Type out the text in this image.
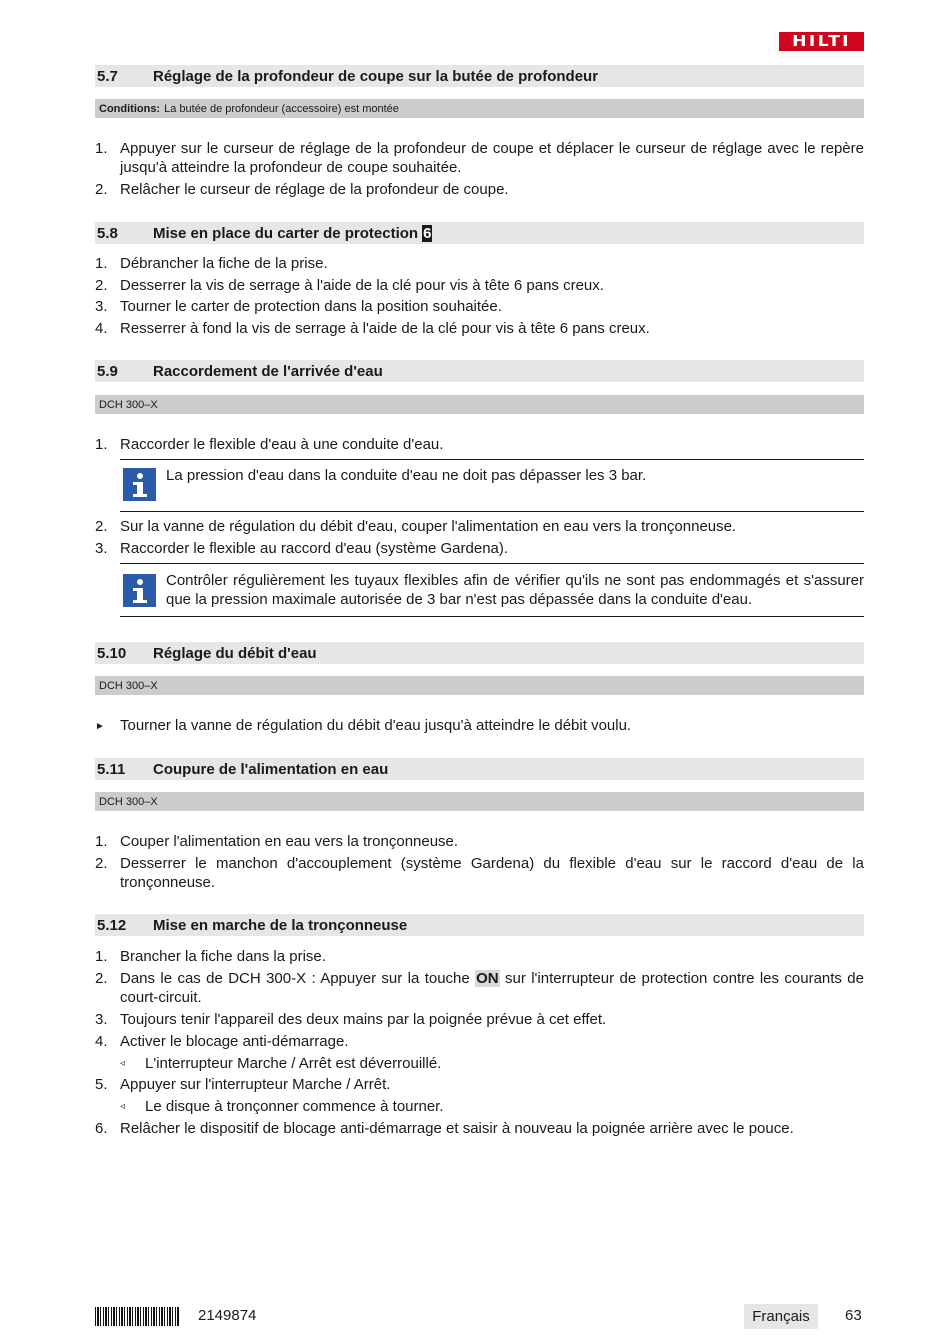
HILTI
5.7	Réglage de la profondeur de coupe sur la butée de profondeur
Conditions: La butée de profondeur (accessoire) est montée
1. Appuyer sur le curseur de réglage de la profondeur de coupe et déplacer le curseur de réglage avec le repère jusqu'à atteindre la profondeur de coupe souhaitée.
2. Relâcher le curseur de réglage de la profondeur de coupe.
5.8	Mise en place du carter de protection 6
1. Débrancher la fiche de la prise.
2. Desserrer la vis de serrage à l'aide de la clé pour vis à tête 6 pans creux.
3. Tourner le carter de protection dans la position souhaitée.
4. Resserrer à fond la vis de serrage à l'aide de la clé pour vis à tête 6 pans creux.
5.9	Raccordement de l'arrivée d'eau
DCH 300–X
1. Raccorder le flexible d'eau à une conduite d'eau.
La pression d'eau dans la conduite d'eau ne doit pas dépasser les 3 bar.
2. Sur la vanne de régulation du débit d'eau, couper l'alimentation en eau vers la tronçonneuse.
3. Raccorder le flexible au raccord d'eau (système Gardena).
Contrôler régulièrement les tuyaux flexibles afin de vérifier qu'ils ne sont pas endommagés et s'assurer que la pression maximale autorisée de 3 bar n'est pas dépassée dans la conduite d'eau.
5.10	Réglage du débit d'eau
DCH 300–X
►	Tourner la vanne de régulation du débit d'eau jusqu'à atteindre le débit voulu.
5.11	Coupure de l'alimentation en eau
DCH 300–X
1. Couper l'alimentation en eau vers la tronçonneuse.
2. Desserrer le manchon d'accouplement (système Gardena) du flexible d'eau sur le raccord d'eau de la tronçonneuse.
5.12	Mise en marche de la tronçonneuse
1. Brancher la fiche dans la prise.
2. Dans le cas de DCH 300-X : Appuyer sur la touche ON sur l'interrupteur de protection contre les courants de court-circuit.
3. Toujours tenir l'appareil des deux mains par la poignée prévue à cet effet.
4. Activer le blocage anti-démarrage.
◃	L'interrupteur Marche / Arrêt est déverrouillé.
5. Appuyer sur l'interrupteur Marche / Arrêt.
◃	Le disque à tronçonner commence à tourner.
6. Relâcher le dispositif de blocage anti-démarrage et saisir à nouveau la poignée arrière avec le pouce.
2149874	Français	63
